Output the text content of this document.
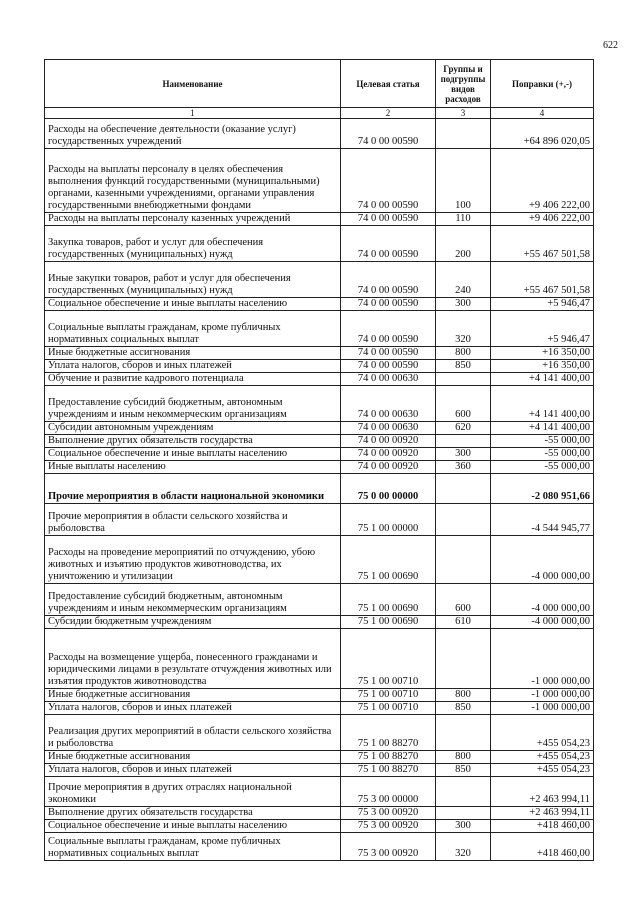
622
Наименование	Целевая статья	Группы и подгруппы видов расходов	Поправки (+,-)
1	2	3	4
Расходы на обеспечение деятельности (оказание услуг) государственных учреждений	74 0 00 00590		+64 896 020,05
Расходы на выплаты персоналу в целях обеспечения выполнения функций государственными (муниципальными) органами, казенными учреждениями, органами управления государственными внебюджетными фондами	74 0 00 00590	100	+9 406 222,00
Расходы на выплаты персоналу казенных учреждений	74 0 00 00590	110	+9 406 222,00
Закупка товаров, работ и услуг для обеспечения государственных (муниципальных) нужд	74 0 00 00590	200	+55 467 501,58
Иные закупки товаров, работ и услуг для обеспечения государственных (муниципальных) нужд	74 0 00 00590	240	+55 467 501,58
Социальное обеспечение и иные выплаты населению	74 0 00 00590	300	+5 946,47
Социальные выплаты гражданам, кроме публичных нормативных социальных выплат	74 0 00 00590	320	+5 946,47
Иные бюджетные ассигнования	74 0 00 00590	800	+16 350,00
Уплата налогов, сборов и иных платежей	74 0 00 00590	850	+16 350,00
Обучение и развитие кадрового потенциала	74 0 00 00630		+4 141 400,00
Предоставление субсидий бюджетным, автономным учреждениям и иным некоммерческим организациям	74 0 00 00630	600	+4 141 400,00
Субсидии автономным учреждениям	74 0 00 00630	620	+4 141 400,00
Выполнение других обязательств государства	74 0 00 00920		-55 000,00
Социальное обеспечение и иные выплаты населению	74 0 00 00920	300	-55 000,00
Иные выплаты населению	74 0 00 00920	360	-55 000,00
Прочие мероприятия в области национальной экономики	75 0 00 00000		-2 080 951,66
Прочие мероприятия в области сельского хозяйства и рыболовства	75 1 00 00000		-4 544 945,77
Расходы на проведение мероприятий по отчуждению, убою животных и изъятию продуктов животноводства, их уничтожению и утилизации	75 1 00 00690		-4 000 000,00
Предоставление субсидий бюджетным, автономным учреждениям и иным некоммерческим организациям	75 1 00 00690	600	-4 000 000,00
Субсидии бюджетным учреждениям	75 1 00 00690	610	-4 000 000,00
Расходы на возмещение ущерба, понесенного гражданами и юридическими лицами в результате отчуждения животных или изъятия продуктов животноводства	75 1 00 00710		-1 000 000,00
Иные бюджетные ассигнования	75 1 00 00710	800	-1 000 000,00
Уплата налогов, сборов и иных платежей	75 1 00 00710	850	-1 000 000,00
Реализация других мероприятий в области сельского хозяйства и рыболовства	75 1 00 88270		+455 054,23
Иные бюджетные ассигнования	75 1 00 88270	800	+455 054,23
Уплата налогов, сборов и иных платежей	75 1 00 88270	850	+455 054,23
Прочие мероприятия в других отраслях национальной экономики	75 3 00 00000		+2 463 994,11
Выполнение других обязательств государства	75 3 00 00920		+2 463 994,11
Социальное обеспечение и иные выплаты населению	75 3 00 00920	300	+418 460,00
Социальные выплаты гражданам, кроме публичных нормативных социальных выплат	75 3 00 00920	320	+418 460,00
